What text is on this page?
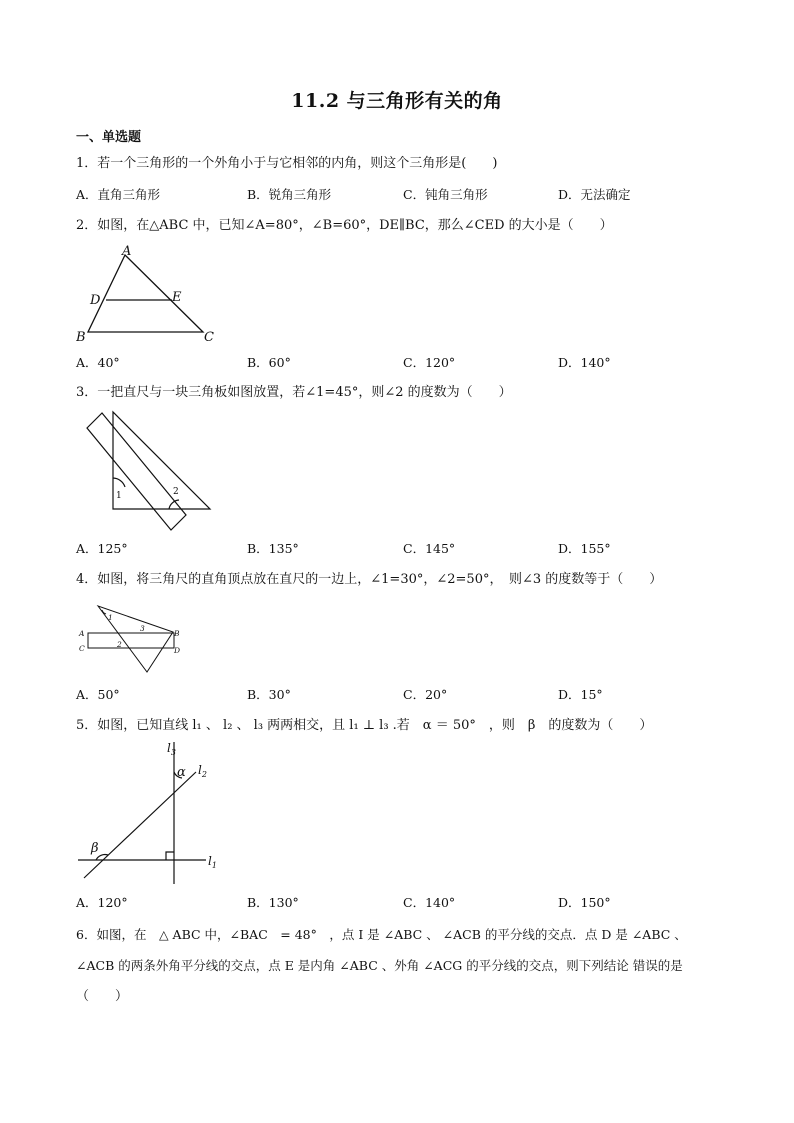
11.2 与三角形有关的角
一、单选题
1．若一个三角形的一个外角小于与它相邻的内角，则这个三角形是(　　)
A．直角三角形	B．锐角三角形	C．钝角三角形	D．无法确定
2．如图，在△ABC 中，已知∠A=80°，∠B=60°，DE∥BC，那么∠CED 的大小是（　　）
A
B	C
D	E
A．40°	B．60°	C．120°	D．140°
3．一把直尺与一块三角板如图放置，若∠1=45°，则∠2 的度数为（　　）
1	2
A．125°	B．135°	C．145°	D．155°
4．如图，将三角尺的直角顶点放在直尺的一边上，∠1=30°，∠2=50°，　则∠3 的度数等于（　　）
A	B
C	D
1
2
3
A．50°	B．30°	C．20°	D．15°
5．如图，已知直线 l₁ 、 l₂ 、 l₃ 两两相交，且 l₁ ⊥ l₃ .若　α ＝ 50°　，则　β　的度数为（　　）
$l_3$
$l_2$
$l_1$
α
β
A．120°	B．130°	C．140°	D．150°
6．如图，在　△ ABC 中，∠BAC　= 48°　，点 I 是 ∠ABC 、 ∠ACB 的平分线的交点．点 D 是 ∠ABC 、
∠ACB 的两条外角平分线的交点，点 E 是内角 ∠ABC 、外角 ∠ACG 的平分线的交点，则下列结论 错误的是
（　　）
